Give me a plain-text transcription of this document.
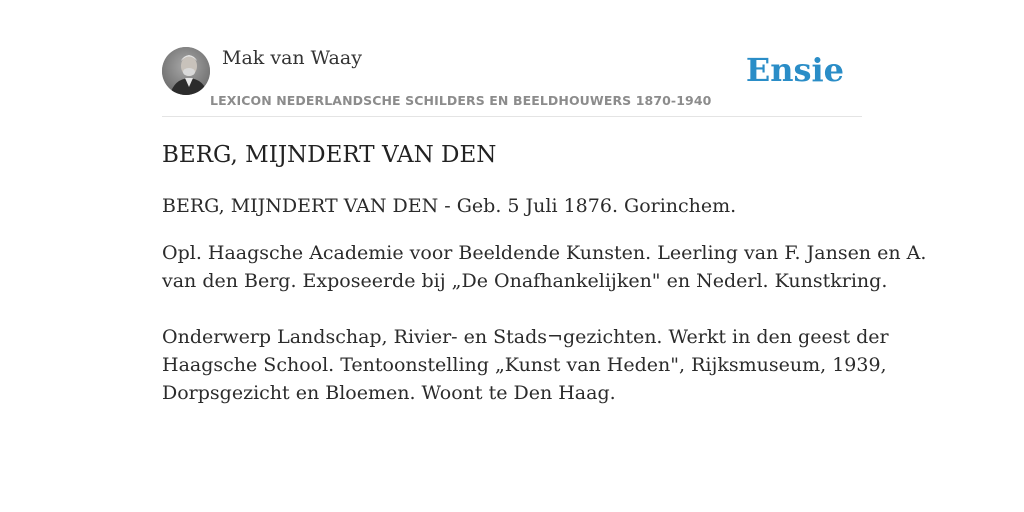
Mak van Waay
LEXICON NEDERLANDSCHE SCHILDERS EN BEELDHOUWERS 1870-1940
Ensie
BERG, MIJNDERT VAN DEN

BERG, MIJNDERT VAN DEN - Geb. 5 Juli 1876. Gorinchem.

Opl. Haagsche Academie voor Beeldende Kunsten. Leerling van F. Jansen en A.
van den Berg. Exposeerde bij „De Onafhankelijken" en Nederl. Kunstkring.

Onderwerp Landschap, Rivier- en Stads¬gezichten. Werkt in den geest der
Haagsche School. Tentoonstelling „Kunst van Heden", Rijksmuseum, 1939,
Dorpsgezicht en Bloemen. Woont te Den Haag.
